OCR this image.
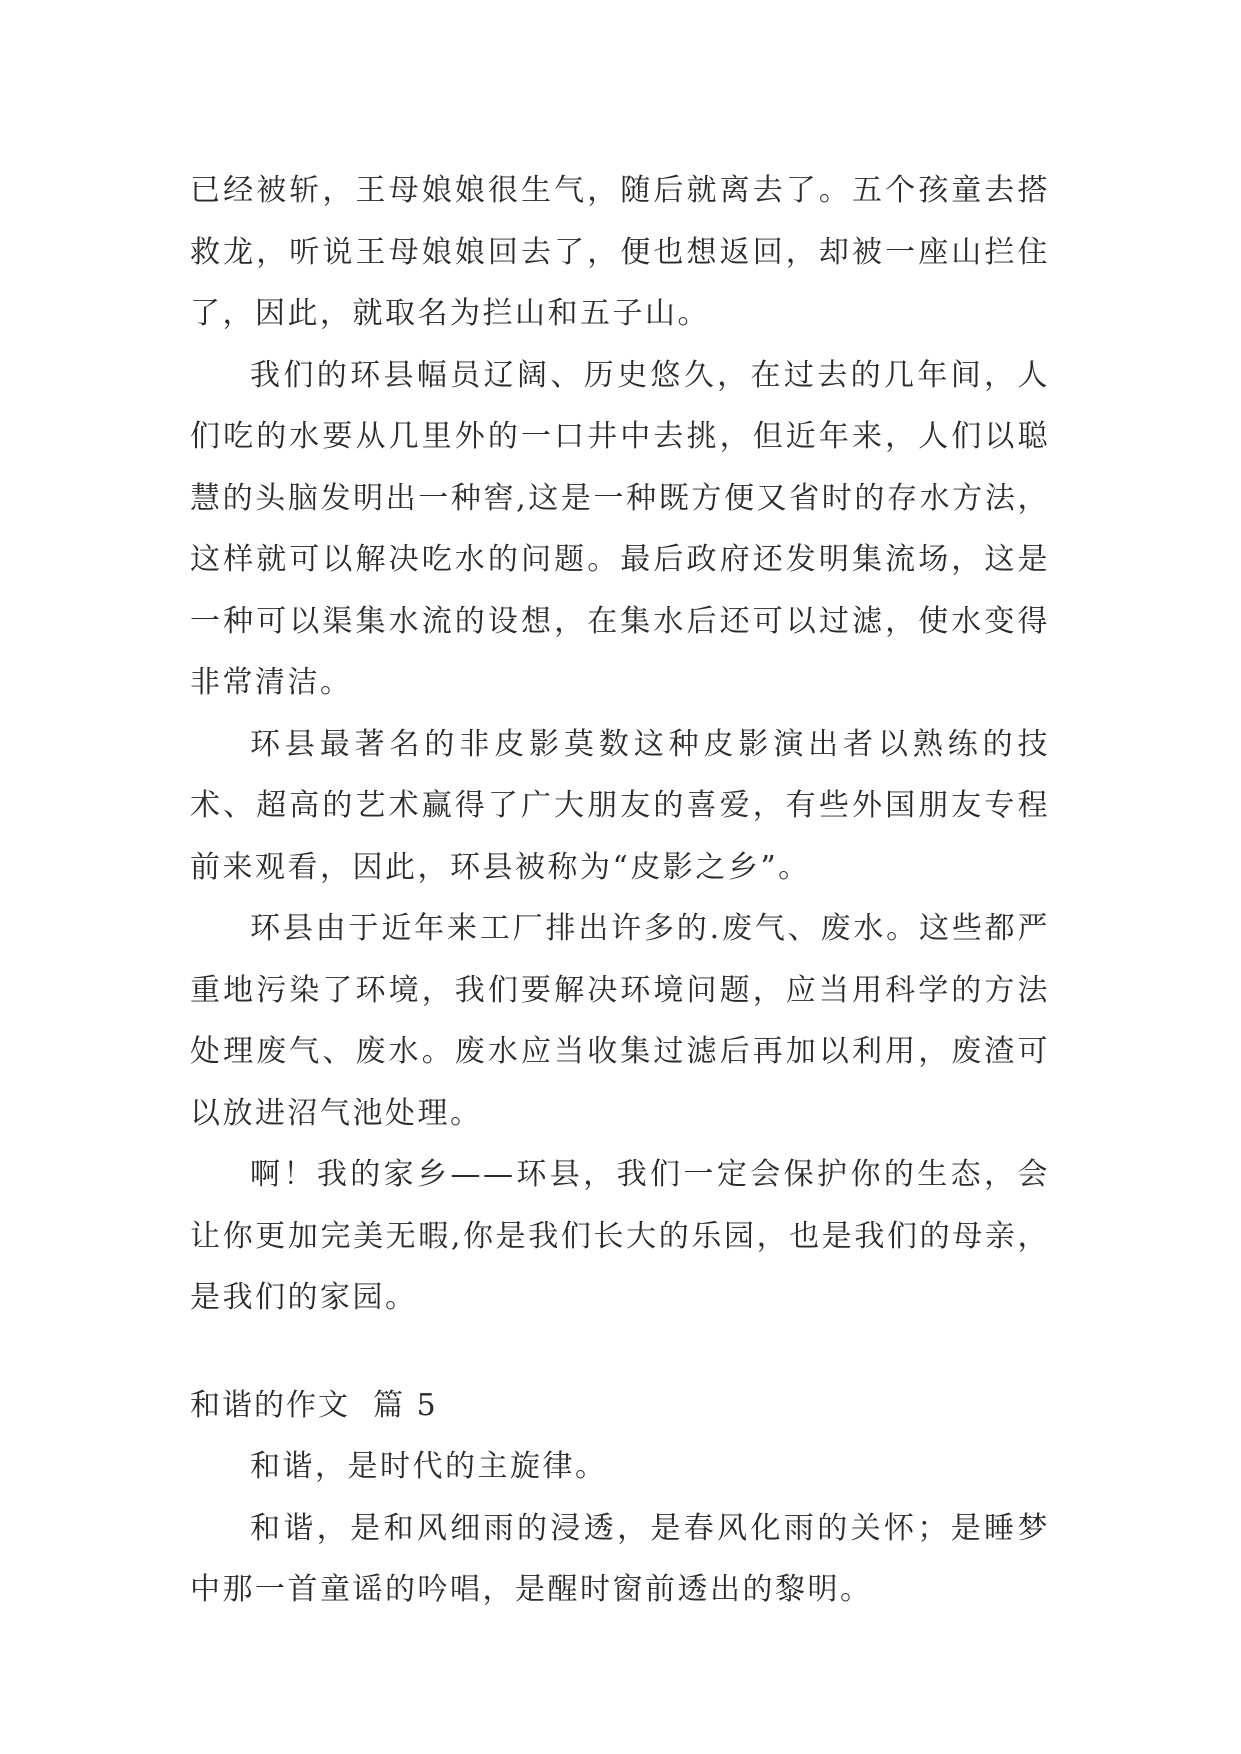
已经被斩，王母娘娘很生气，随后就离去了。五个孩童去搭救龙，听说王母娘娘回去了，便也想返回，却被一座山拦住了，因此，就取名为拦山和五子山。

我们的环县幅员辽阔、历史悠久，在过去的几年间，人们吃的水要从几里外的一口井中去挑，但近年来，人们以聪慧的头脑发明出一种窖,这是一种既方便又省时的存水方法，这样就可以解决吃水的问题。最后政府还发明集流场，这是一种可以渠集水流的设想，在集水后还可以过滤，使水变得非常清洁。

环县最著名的非皮影莫数这种皮影演出者以熟练的技术、超高的艺术赢得了广大朋友的喜爱，有些外国朋友专程前来观看，因此，环县被称为“皮影之乡”。

环县由于近年来工厂排出许多的.废气、废水。这些都严重地污染了环境，我们要解决环境问题，应当用科学的方法处理废气、废水。废水应当收集过滤后再加以利用，废渣可以放进沼气池处理。

啊！我的家乡——环县，我们一定会保护你的生态，会让你更加完美无暇,你是我们长大的乐园，也是我们的母亲，是我们的家园。

和谐的作文  篇 5

和谐，是时代的主旋律。

和谐，是和风细雨的浸透，是春风化雨的关怀；是睡梦中那一首童谣的吟唱，是醒时窗前透出的黎明。
